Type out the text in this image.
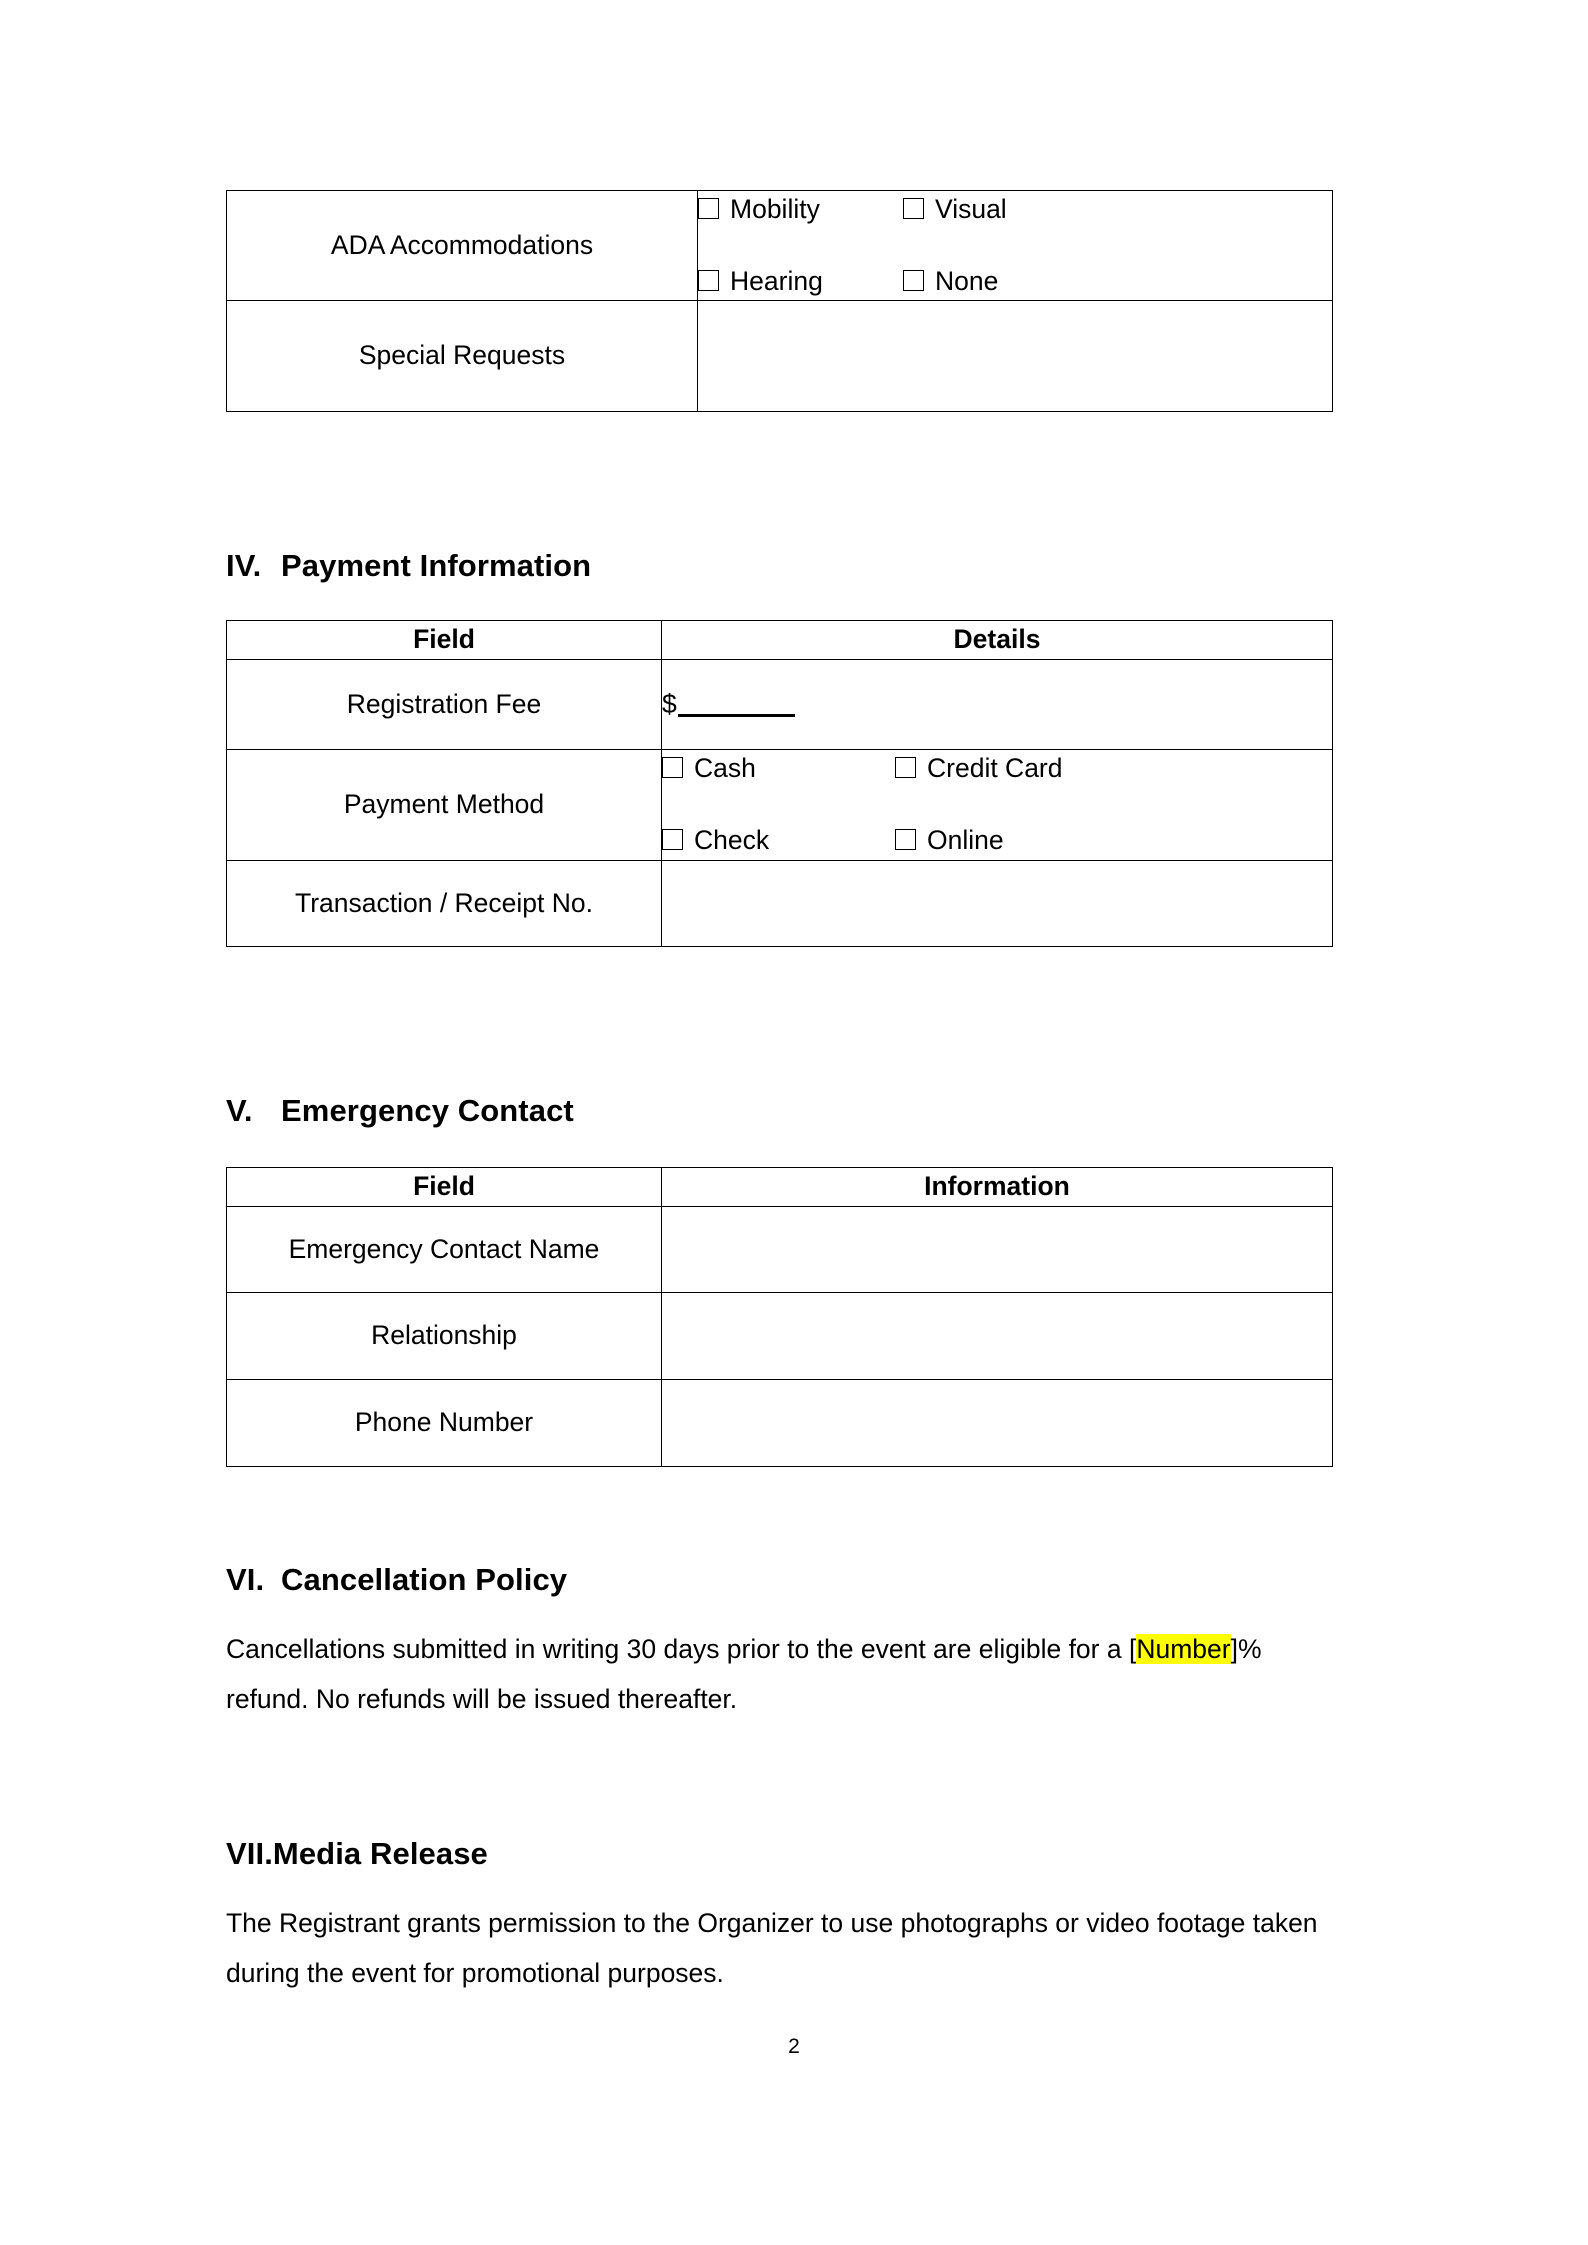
ADA Accommodations	Mobility Visual
Hearing None

Special Requests	
IV. Payment Information
Field	Details
Registration Fee	$
Payment Method	Cash Credit Card
Check Online

Transaction / Receipt No.	
V. Emergency Contact
Field	Information
Emergency Contact Name	
Relationship	
Phone Number	
VI. Cancellation Policy

Cancellations submitted in writing 30 days prior to the event are eligible for a [Number]% refund. No refunds will be issued thereafter.

VII. Media Release

The Registrant grants permission to the Organizer to use photographs or video footage taken during the event for promotional purposes.

2
